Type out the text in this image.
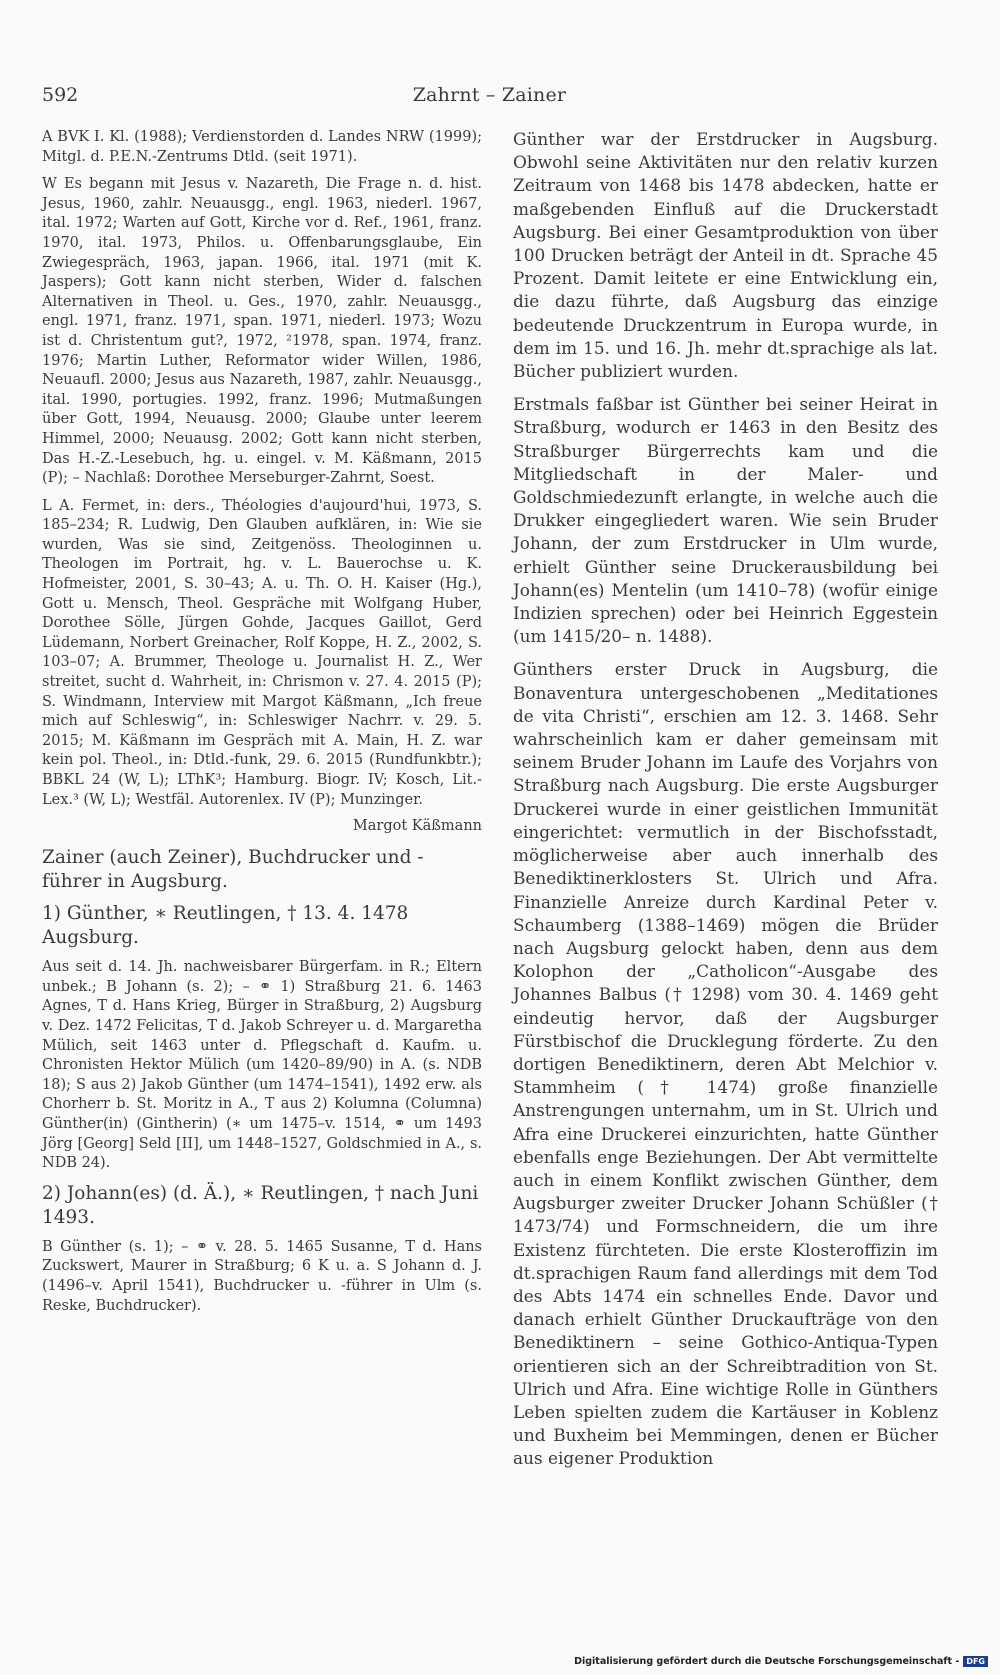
592	Zahrnt – Zainer

A BVK I. Kl. (1988); Verdienstorden d. Landes NRW (1999); Mitgl. d. P.E.N.-Zentrums Dtld. (seit 1971).

W Es begann mit Jesus v. Nazareth, Die Frage n. d. hist. Jesus, 1960, zahlr. Neuausgg., engl. 1963, niederl. 1967, ital. 1972; Warten auf Gott, Kirche vor d. Ref., 1961, franz. 1970, ital. 1973, Philos. u. Offenbarungsglaube, Ein Zwiegespräch, 1963, japan. 1966, ital. 1971 (mit K. Jaspers); Gott kann nicht sterben, Wider d. falschen Alternativen in Theol. u. Ges., 1970, zahlr. Neuausgg., engl. 1971, franz. 1971, span. 1971, niederl. 1973; Wozu ist d. Christentum gut?, 1972, ²1978, span. 1974, franz. 1976; Martin Luther, Reformator wider Willen, 1986, Neuaufl. 2000; Jesus aus Nazareth, 1987, zahlr. Neuausgg., ital. 1990, portugies. 1992, franz. 1996; Mutmaßungen über Gott, 1994, Neuausg. 2000; Glaube unter leerem Himmel, 2000; Neuausg. 2002; Gott kann nicht sterben, Das H.-Z.-Lesebuch, hg. u. eingel. v. M. Käßmann, 2015 (P); – Nachlaß: Dorothee Merseburger-Zahrnt, Soest.

L A. Fermet, in: ders., Théologies d'aujourd'hui, 1973, S. 185–234; R. Ludwig, Den Glauben aufklären, in: Wie sie wurden, Was sie sind, Zeitgenöss. Theologinnen u. Theologen im Portrait, hg. v. L. Bauerochse u. K. Hofmeister, 2001, S. 30–43; A. u. Th. O. H. Kaiser (Hg.), Gott u. Mensch, Theol. Gespräche mit Wolfgang Huber, Dorothee Sölle, Jürgen Gohde, Jacques Gaillot, Gerd Lüdemann, Norbert Greinacher, Rolf Koppe, H. Z., 2002, S. 103–07; A. Brummer, Theologe u. Journalist H. Z., Wer streitet, sucht d. Wahrheit, in: Chrismon v. 27. 4. 2015 (P); S. Windmann, Interview mit Margot Käßmann, „Ich freue mich auf Schleswig“, in: Schleswiger Nachrr. v. 29. 5. 2015; M. Käßmann im Gespräch mit A. Main, H. Z. war kein pol. Theol., in: Dtld.-funk, 29. 6. 2015 (Rundfunkbtr.); BBKL 24 (W, L); LThK³; Hamburg. Biogr. IV; Kosch, Lit.-Lex.³ (W, L); Westfäl. Autorenlex. IV (P); Munzinger.

Margot Käßmann
Zainer (auch Zeiner), Buchdrucker und -führer in Augsburg.
1) Günther, ∗ Reutlingen, † 13. 4. 1478 Augsburg.

Aus seit d. 14. Jh. nachweisbarer Bürgerfam. in R.; Eltern unbek.; B Johann (s. 2); – ⚭ 1) Straßburg 21. 6. 1463 Agnes, T d. Hans Krieg, Bürger in Straßburg, 2) Augsburg v. Dez. 1472 Felicitas, T d. Jakob Schreyer u. d. Margaretha Mülich, seit 1463 unter d. Pflegschaft d. Kaufm. u. Chronisten Hektor Mülich (um 1420–89/90) in A. (s. NDB 18); S aus 2) Jakob Günther (um 1474–1541), 1492 erw. als Chorherr b. St. Moritz in A., T aus 2) Kolumna (Columna) Günther(in) (Gintherin) (∗ um 1475–v. 1514, ⚭ um 1493 Jörg [Georg] Seld [II], um 1448–1527, Goldschmied in A., s. NDB 24).

2) Johann(es) (d. Ä.), ∗ Reutlingen, † nach Juni 1493.

B Günther (s. 1); – ⚭ v. 28. 5. 1465 Susanne, T d. Hans Zuckswert, Maurer in Straßburg; 6 K u. a. S Johann d. J. (1496–v. April 1541), Buchdrucker u. -führer in Ulm (s. Reske, Buchdrucker).

Günther war der Erstdrucker in Augsburg. Obwohl seine Aktivitäten nur den relativ kurzen Zeitraum von 1468 bis 1478 abdecken, hatte er maßgebenden Einfluß auf die Druckerstadt Augsburg. Bei einer Gesamtproduktion von über 100 Drucken beträgt der Anteil in dt. Sprache 45 Prozent. Damit leitete er eine Entwicklung ein, die dazu führte, daß Augsburg das einzige bedeutende Druckzentrum in Europa wurde, in dem im 15. und 16. Jh. mehr dt.sprachige als lat. Bücher publiziert wurden.

Erstmals faßbar ist Günther bei seiner Heirat in Straßburg, wodurch er 1463 in den Besitz des Straßburger Bürgerrechts kam und die Mitgliedschaft in der Maler- und Goldschmiedezunft erlangte, in welche auch die Drukker eingegliedert waren. Wie sein Bruder Johann, der zum Erstdrucker in Ulm wurde, erhielt Günther seine Druckerausbildung bei Johann(es) Mentelin (um 1410–78) (wofür einige Indizien sprechen) oder bei Heinrich Eggestein (um 1415/20– n. 1488).

Günthers erster Druck in Augsburg, die Bonaventura untergeschobenen „Meditationes de vita Christi“, erschien am 12. 3. 1468. Sehr wahrscheinlich kam er daher gemeinsam mit seinem Bruder Johann im Laufe des Vorjahrs von Straßburg nach Augsburg. Die erste Augsburger Druckerei wurde in einer geistlichen Immunität eingerichtet: vermutlich in der Bischofsstadt, möglicherweise aber auch innerhalb des Benediktinerklosters St. Ulrich und Afra. Finanzielle Anreize durch Kardinal Peter v. Schaumberg (1388–1469) mögen die Brüder nach Augsburg gelockt haben, denn aus dem Kolophon der „Catholicon“-Ausgabe des Johannes Balbus († 1298) vom 30. 4. 1469 geht eindeutig hervor, daß der Augsburger Fürstbischof die Drucklegung förderte. Zu den dortigen Benediktinern, deren Abt Melchior v. Stammheim († 1474) große finanzielle Anstrengungen unternahm, um in St. Ulrich und Afra eine Druckerei einzurichten, hatte Günther ebenfalls enge Beziehungen. Der Abt vermittelte auch in einem Konflikt zwischen Günther, dem Augsburger zweiter Drucker Johann Schüßler († 1473/74) und Formschneidern, die um ihre Existenz fürchteten. Die erste Klosteroffizin im dt.sprachigen Raum fand allerdings mit dem Tod des Abts 1474 ein schnelles Ende. Davor und danach erhielt Günther Druckaufträge von den Benediktinern – seine Gothico-Antiqua-Typen orientieren sich an der Schreibtradition von St. Ulrich und Afra. Eine wichtige Rolle in Günthers Leben spielten zudem die Kartäuser in Koblenz und Buxheim bei Memmingen, denen er Bücher aus eigener Produktion

Digitalisierung gefördert durch die Deutsche Forschungsgemeinschaft - DFG
